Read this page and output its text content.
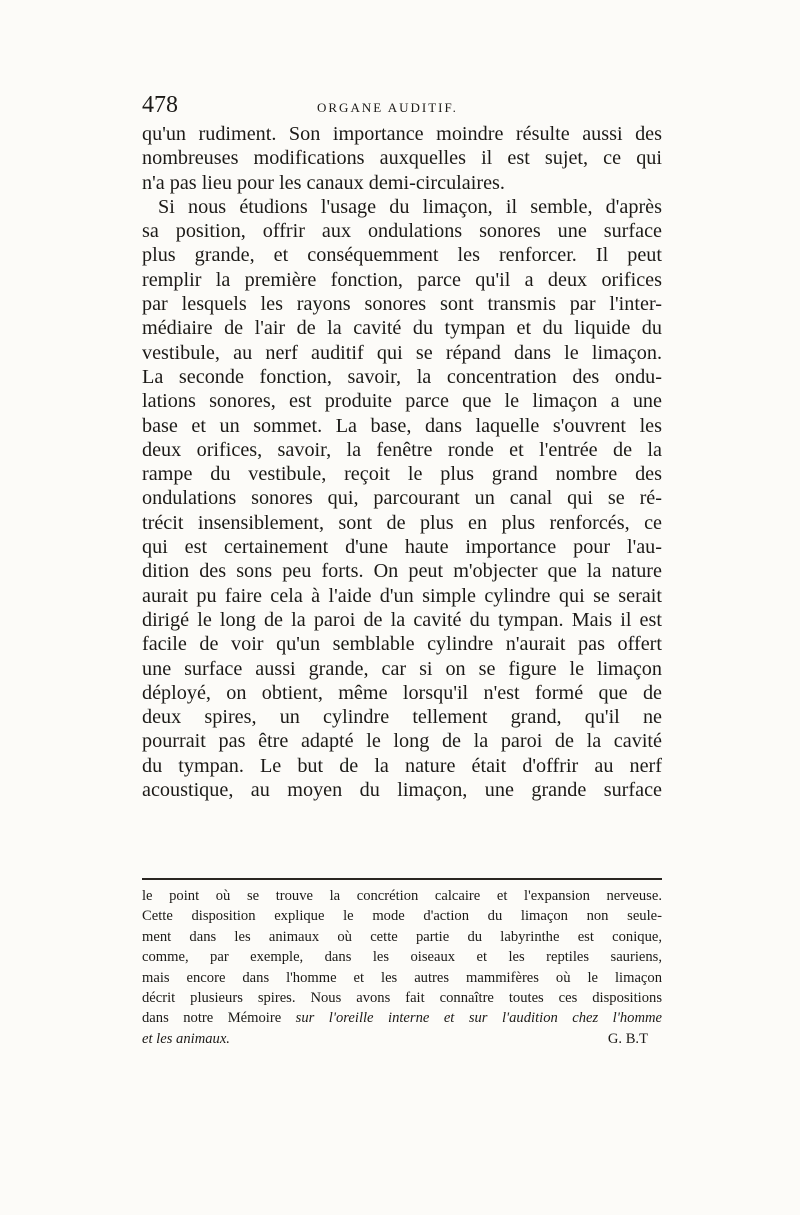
478	ORGANE AUDITIF.
qu'un rudiment. Son importance moindre résulte aussi des
nombreuses modifications auxquelles il est sujet, ce qui
n'a pas lieu pour les canaux demi-circulaires.
Si nous étudions l'usage du limaçon, il semble, d'après
sa position, offrir aux ondulations sonores une surface
plus grande, et conséquemment les renforcer. Il peut
remplir la première fonction, parce qu'il a deux orifices
par lesquels les rayons sonores sont transmis par l'inter-
médiaire de l'air de la cavité du tympan et du liquide du
vestibule, au nerf auditif qui se répand dans le limaçon.
La seconde fonction, savoir, la concentration des ondu-
lations sonores, est produite parce que le limaçon a une
base et un sommet. La base, dans laquelle s'ouvrent les
deux orifices, savoir, la fenêtre ronde et l'entrée de la
rampe du vestibule, reçoit le plus grand nombre des
ondulations sonores qui, parcourant un canal qui se ré-
trécit insensiblement, sont de plus en plus renforcés, ce
qui est certainement d'une haute importance pour l'au-
dition des sons peu forts. On peut m'objecter que la nature
aurait pu faire cela à l'aide d'un simple cylindre qui se serait
dirigé le long de la paroi de la cavité du tympan. Mais il est
facile de voir qu'un semblable cylindre n'aurait pas offert
une surface aussi grande, car si on se figure le limaçon
déployé, on obtient, même lorsqu'il n'est formé que de
deux spires, un cylindre tellement grand, qu'il ne
pourrait pas être adapté le long de la paroi de la cavité
du tympan. Le but de la nature était d'offrir au nerf
acoustique, au moyen du limaçon, une grande surface
le point où se trouve la concrétion calcaire et l'expansion nerveuse.
Cette disposition explique le mode d'action du limaçon non seule-
ment dans les animaux où cette partie du labyrinthe est conique,
comme, par exemple, dans les oiseaux et les reptiles sauriens,
mais encore dans l'homme et les autres mammifères où le limaçon
décrit plusieurs spires. Nous avons fait connaître toutes ces dispositions
dans notre Mémoire sur l'oreille interne et sur l'audition chez l'homme
et les animaux.	G. B.T
